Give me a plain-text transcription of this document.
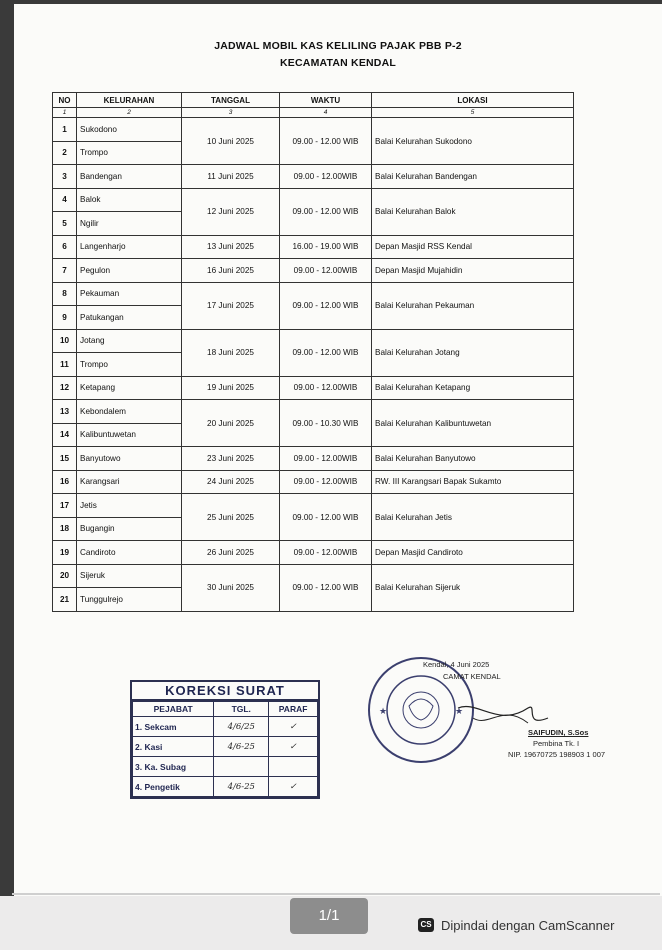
JADWAL MOBIL KAS KELILING PAJAK PBB P-2
KECAMATAN KENDAL
NO	KELURAHAN	TANGGAL	WAKTU	LOKASI
1	2	3	4	5
1	Sukodono	10 Juni 2025	09.00 - 12.00 WIB	Balai Kelurahan Sukodono
2	Trompo			
3	Bandengan	11 Juni 2025	09.00 - 12.00WIB	Balai Kelurahan Bandengan
4	Balok	12 Juni 2025	09.00 - 12.00 WIB	Balai Kelurahan Balok
5	Ngilir			
6	Langenharjo	13 Juni 2025	16.00 - 19.00 WIB	Depan Masjid RSS Kendal
7	Pegulon	16 Juni 2025	09.00 - 12.00WIB	Depan Masjid Mujahidin
8	Pekauman	17 Juni 2025	09.00 - 12.00 WIB	Balai Kelurahan Pekauman
9	Patukangan			
10	Jotang	18 Juni 2025	09.00 - 12.00 WIB	Balai Kelurahan Jotang
11	Trompo			
12	Ketapang	19 Juni 2025	09.00 - 12.00WIB	Balai Kelurahan Ketapang
13	Kebondalem	20 Juni 2025	09.00 - 10.30 WIB	Balai Kelurahan Kalibuntuwetan
14	Kalibuntuwetan			
15	Banyutowo	23 Juni 2025	09.00 - 12.00WIB	Balai Kelurahan Banyutowo
16	Karangsari	24 Juni 2025	09.00 - 12.00WIB	RW. III Karangsari Bapak Sukamto
17	Jetis	25 Juni 2025	09.00 - 12.00 WIB	Balai Kelurahan Jetis
18	Bugangin			
19	Candiroto	26 Juni 2025	09.00 - 12.00WIB	Depan Masjid Candiroto
20	Sijeruk	30 Juni 2025	09.00 - 12.00 WIB	Balai Kelurahan Sijeruk
21	Tunggulrejo			
KOREKSI SURAT
PEJABAT	TGL.	PARAF
1. Sekcam	4/6/25	✓
2. Kasi	4/6-25	✓
3. Ka. Subag		
4. Pengetik	4/6-25	✓
★	★
Kendal, 4 Juni 2025
CAMAT KENDAL
SAIFUDIN, S.Sos
Pembina Tk. I
NIP. 19670725 198903 1 007
1/1
CS Dipindai dengan CamScanner
